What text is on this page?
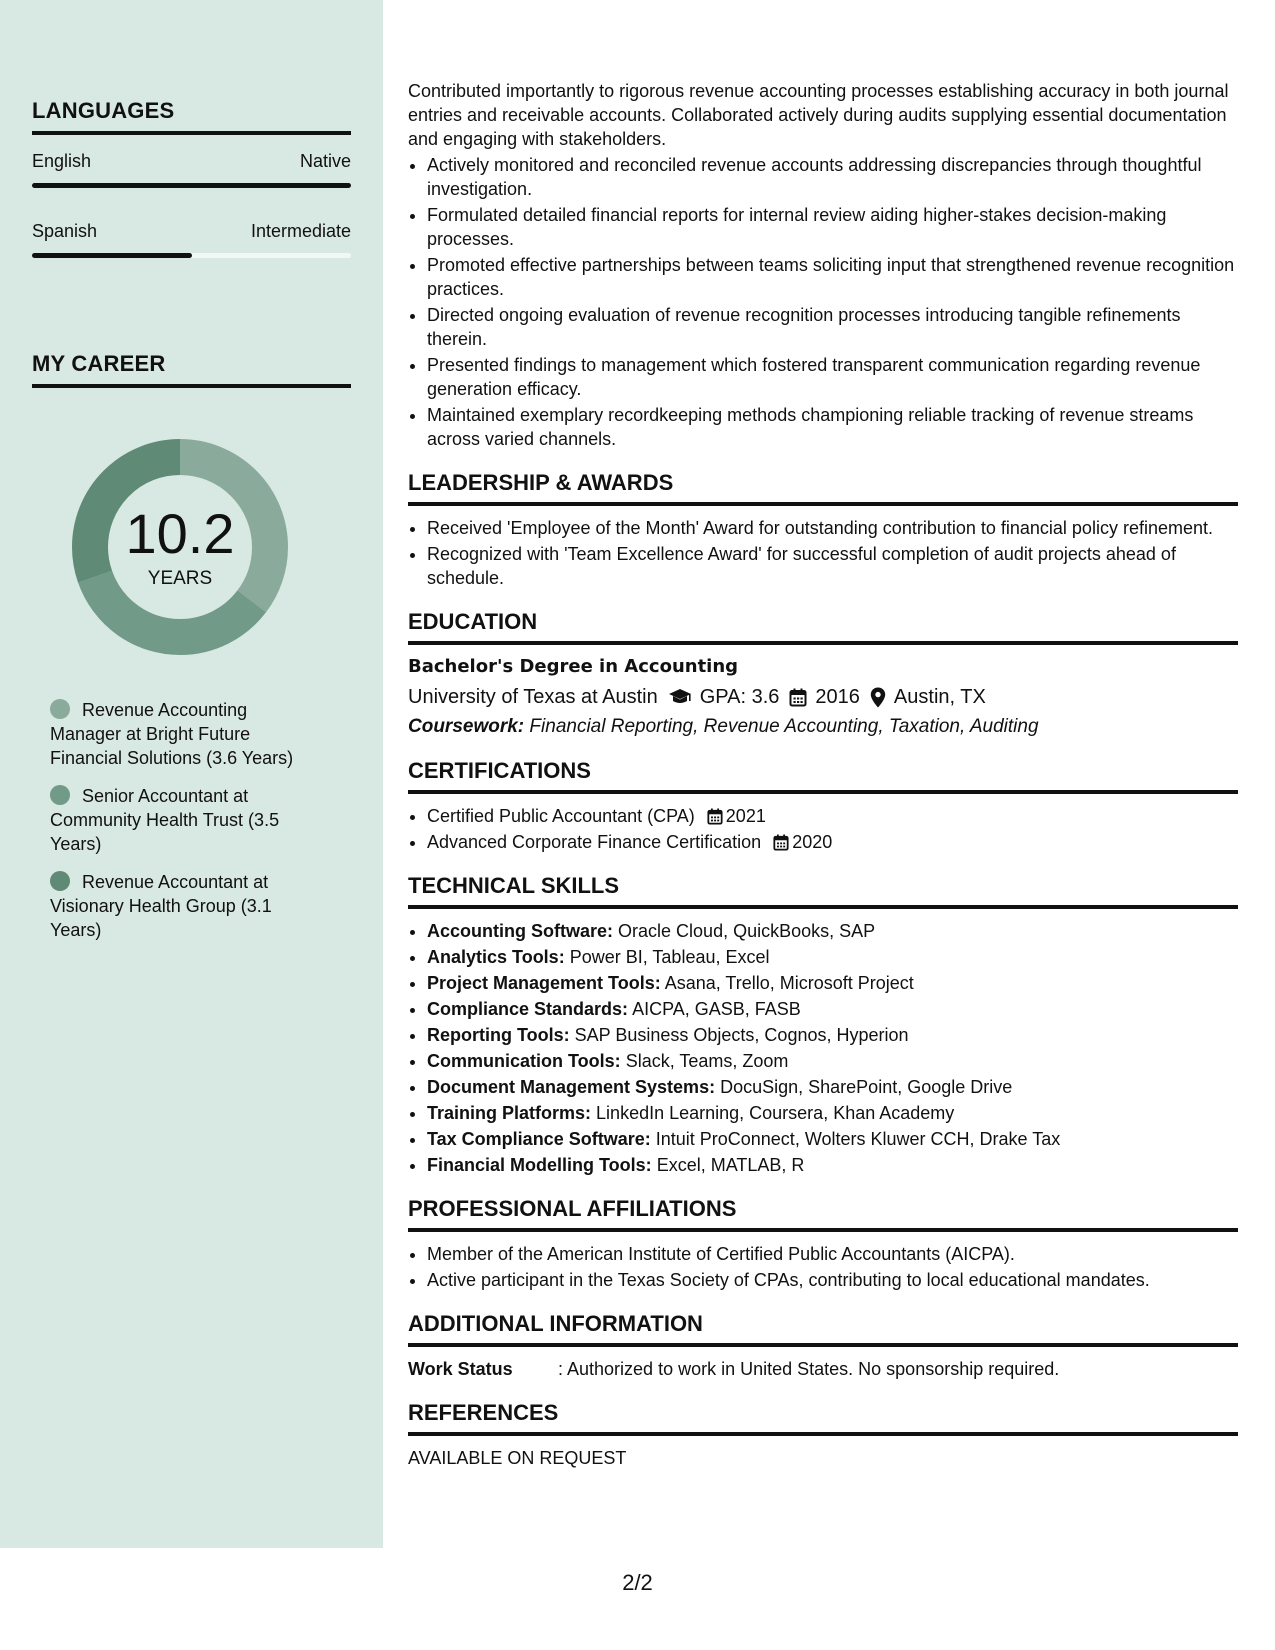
LANGUAGES
English	Native
Spanish	Intermediate
MY CAREER
10.2
YEARS
Revenue Accounting Manager at Bright Future Financial Solutions (3.6 Years)
Senior Accountant at Community Health Trust (3.5 Years)
Revenue Accountant at Visionary Health Group (3.1 Years)

Contributed importantly to rigorous revenue accounting processes establishing accuracy in both journal entries and receivable accounts. Collaborated actively during audits supplying essential documentation and engaging with stakeholders.

• Actively monitored and reconciled revenue accounts addressing discrepancies through thoughtful investigation.
• Formulated detailed financial reports for internal review aiding higher-stakes decision-making processes.
• Promoted effective partnerships between teams soliciting input that strengthened revenue recognition practices.
• Directed ongoing evaluation of revenue recognition processes introducing tangible refinements therein.
• Presented findings to management which fostered transparent communication regarding revenue generation efficacy.
• Maintained exemplary recordkeeping methods championing reliable tracking of revenue streams across varied channels.
LEADERSHIP & AWARDS
• Received 'Employee of the Month' Award for outstanding contribution to financial policy refinement.
• Recognized with 'Team Excellence Award' for successful completion of audit projects ahead of schedule.
EDUCATION
Bachelor's Degree in Accounting
University of Texas at Austin GPA: 3.6 2016 Austin, TX
Coursework: Financial Reporting, Revenue Accounting, Taxation, Auditing
CERTIFICATIONS
• Certified Public Accountant (CPA) 2021
• Advanced Corporate Finance Certification 2020
TECHNICAL SKILLS
• Accounting Software: Oracle Cloud, QuickBooks, SAP
• Analytics Tools: Power BI, Tableau, Excel
• Project Management Tools: Asana, Trello, Microsoft Project
• Compliance Standards: AICPA, GASB, FASB
• Reporting Tools: SAP Business Objects, Cognos, Hyperion
• Communication Tools: Slack, Teams, Zoom
• Document Management Systems: DocuSign, SharePoint, Google Drive
• Training Platforms: LinkedIn Learning, Coursera, Khan Academy
• Tax Compliance Software: Intuit ProConnect, Wolters Kluwer CCH, Drake Tax
• Financial Modelling Tools: Excel, MATLAB, R
PROFESSIONAL AFFILIATIONS
• Member of the American Institute of Certified Public Accountants (AICPA).
• Active participant in the Texas Society of CPAs, contributing to local educational mandates.
ADDITIONAL INFORMATION
Work Status	: Authorized to work in United States. No sponsorship required.
REFERENCES
AVAILABLE ON REQUEST
2/2
